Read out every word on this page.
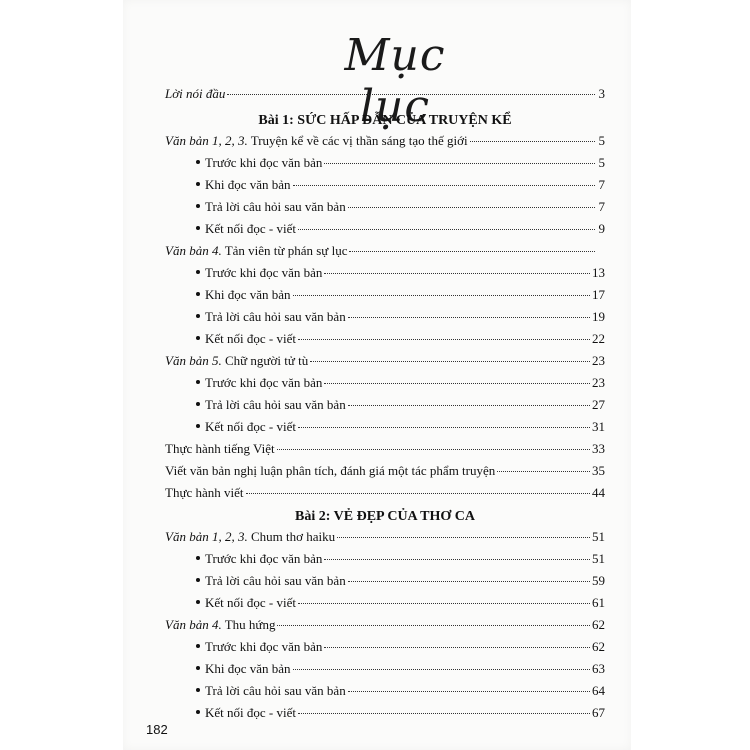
Mục lục
Lời nói đầu	3
Bài 1: SỨC HẤP DẪN CỦA TRUYỆN KỂ
Văn bản 1, 2, 3. Truyện kể về các vị thần sáng tạo thế giới	5
Trước khi đọc văn bản	5
Khi đọc văn bản	7
Trả lời câu hỏi sau văn bản	7
Kết nối đọc - viết	9
Văn bản 4. Tản viên từ phán sự lục
Trước khi đọc văn bản	13
Khi đọc văn bản	17
Trả lời câu hỏi sau văn bản	19
Kết nối đọc - viết	22
Văn bản 5. Chữ người tử tù	23
Trước khi đọc văn bản	23
Trả lời câu hỏi sau văn bản	27
Kết nối đọc - viết	31
Thực hành tiếng Việt	33
Viết văn bản nghị luận phân tích, đánh giá một tác phẩm truyện	35
Thực hành viết	44
Bài 2: VẺ ĐẸP CỦA THƠ CA
Văn bản 1, 2, 3. Chum thơ haiku	51
Trước khi đọc văn bản	51
Trả lời câu hỏi sau văn bản	59
Kết nối đọc - viết	61
Văn bản 4. Thu hứng	62
Trước khi đọc văn bản	62
Khi đọc văn bản	63
Trả lời câu hỏi sau văn bản	64
Kết nối đọc - viết	67
182
